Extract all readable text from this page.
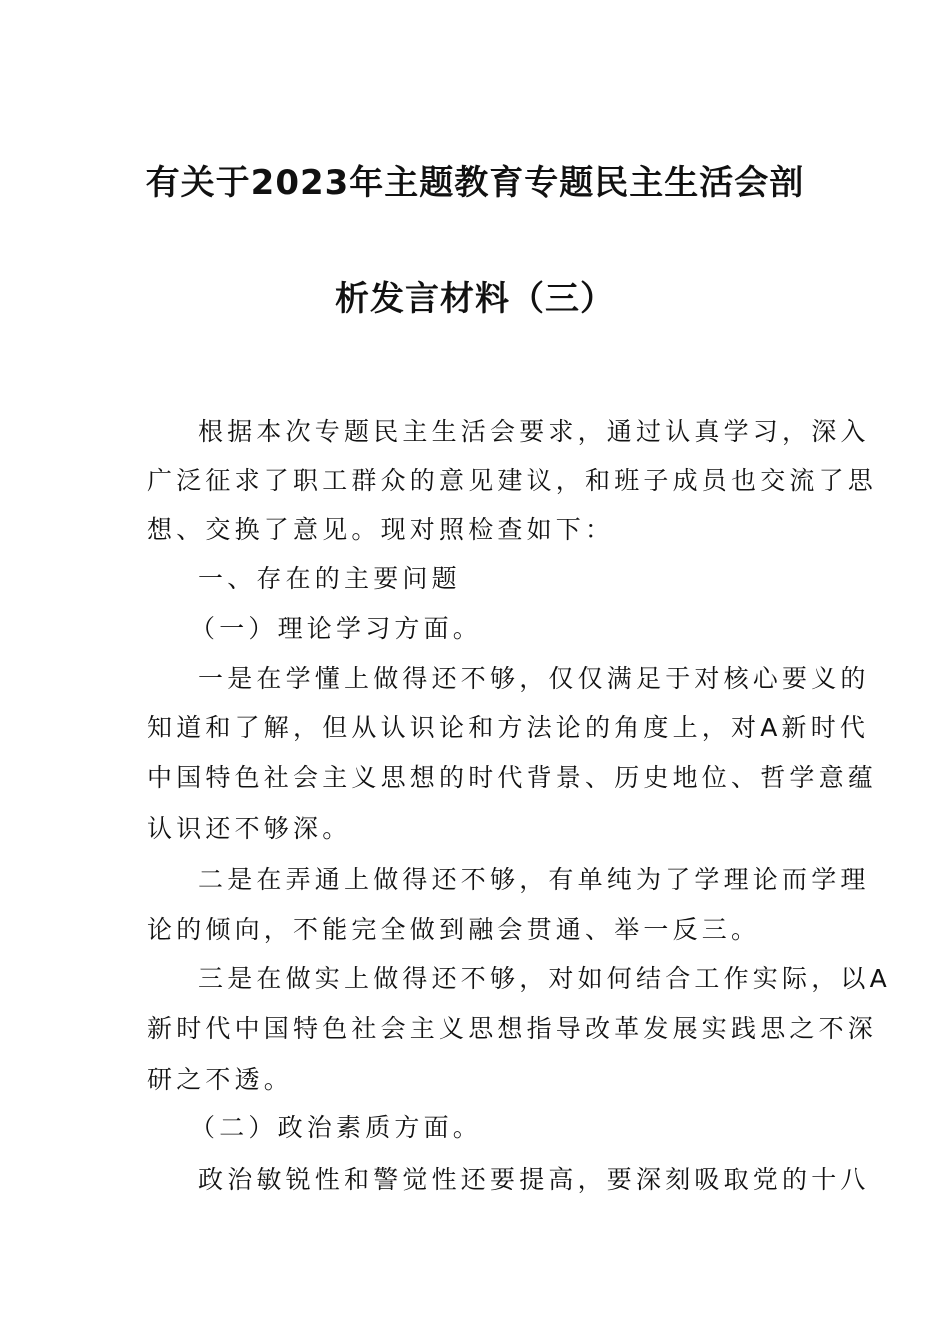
有关于2023年主题教育专题民主生活会剖
析发言材料（三）
根据本次专题民主生活会要求，通过认真学习，深入
广泛征求了职工群众的意见建议，和班子成员也交流了思
想、交换了意见。现对照检查如下：
一、存在的主要问题
（一）理论学习方面。
一是在学懂上做得还不够，仅仅满足于对核心要义的
知道和了解，但从认识论和方法论的角度上，对A新时代
中国特色社会主义思想的时代背景、历史地位、哲学意蕴
认识还不够深。
二是在弄通上做得还不够，有单纯为了学理论而学理
论的倾向，不能完全做到融会贯通、举一反三。
三是在做实上做得还不够，对如何结合工作实际，以A
新时代中国特色社会主义思想指导改革发展实践思之不深
研之不透。
（二）政治素质方面。
政治敏锐性和警觉性还要提高，要深刻吸取党的十八
